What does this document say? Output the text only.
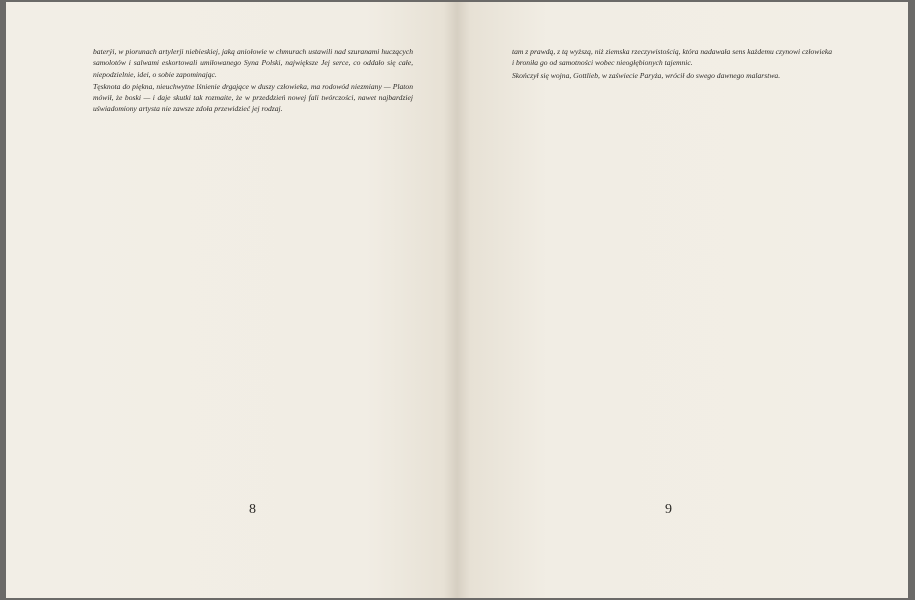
baterýi, w piorunach artylerji niebieskiej, jaką aniołowie w chmurach ustawili nad szuranami huczących samolotów i salwami eskortowali umiłowanego Syna Polski, największe Jej serce, co oddało się całe, niepodzielnie, idei, o sobie zapominając.

Tęsknota do piękna, nieuchwytne lśnienie drgające w duszy człowieka, ma rodowód niezmiany — Platon mówił, że boski — i daje skutki tak rozmaite, że w przeddzień nowej fali twórczości, nawet najbardziej uświadomiony artysta nie zawsze zdoła przewidzieć jej rodzaj.

8

tam z prawdą, z tą wyższą, niż ziemska rzeczywistością, która nadawała sens każdemu czynowi człowieka i broniła go od samotności wobec nieogłębionych tajemnic.

Skończył się wojna, Gottlieb, w zaświecie Paryża, wrócił do swego dawnego malarstwa.

9
